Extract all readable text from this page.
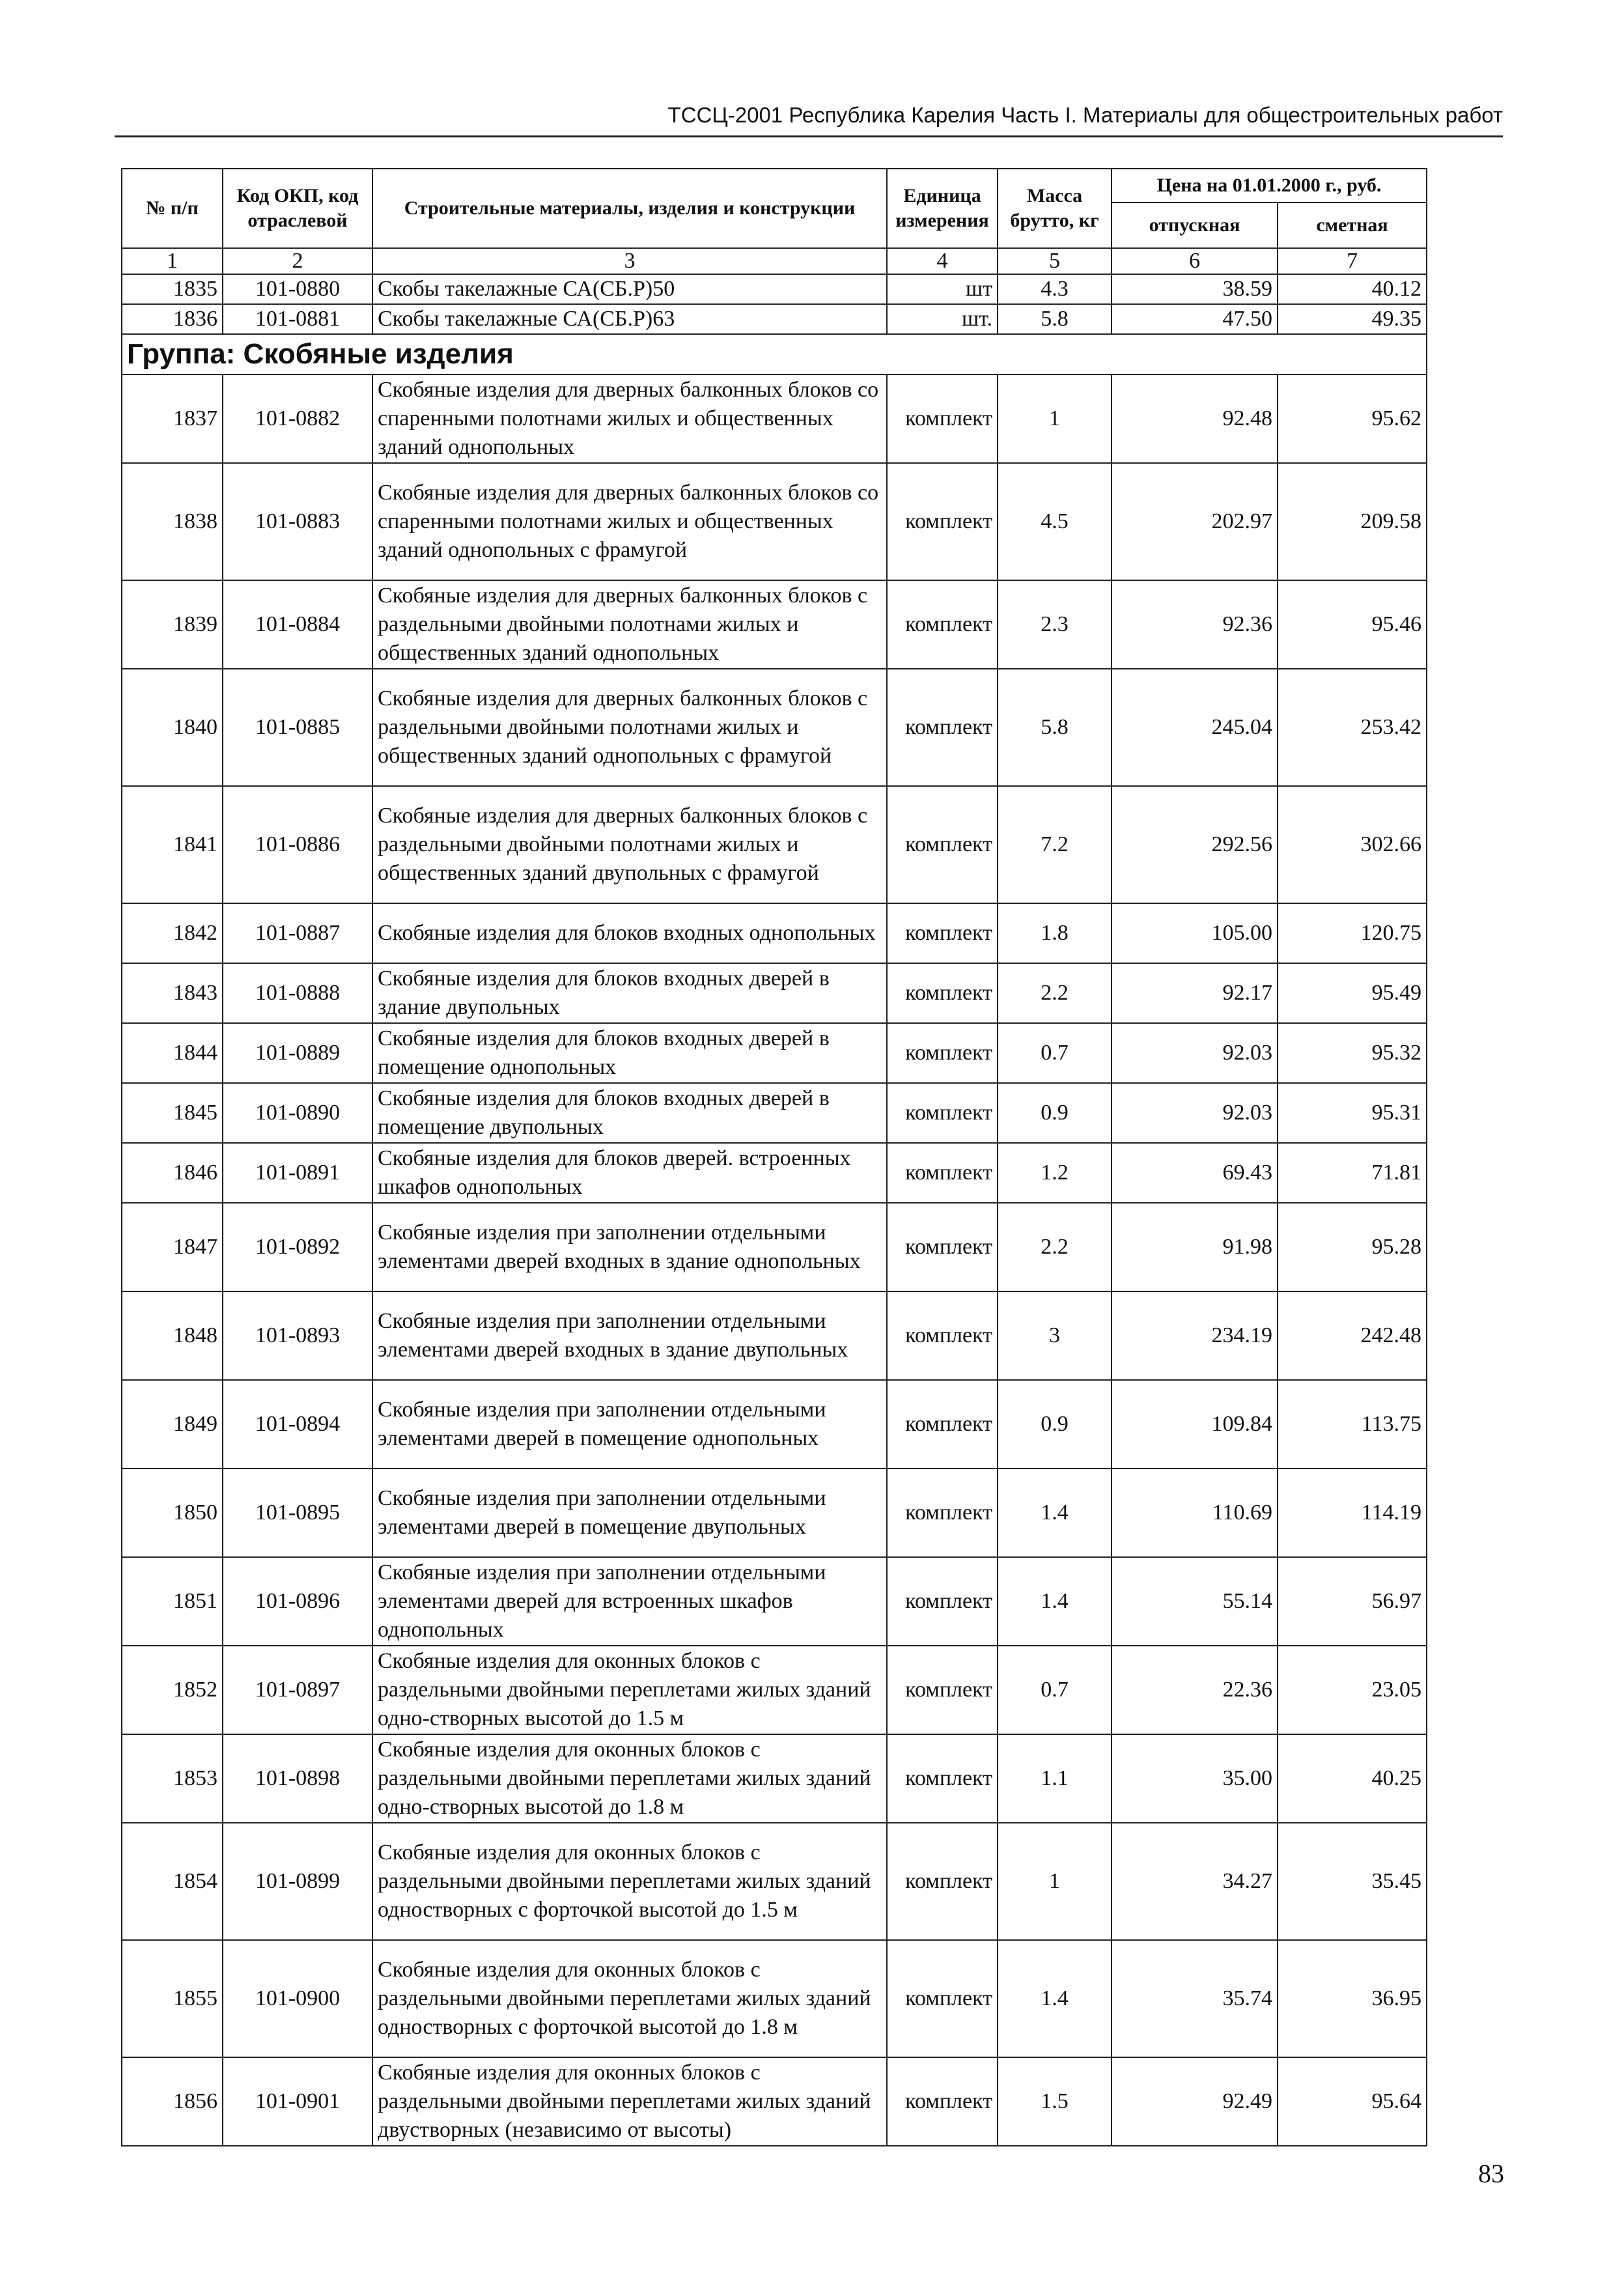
ТССЦ-2001 Республика Карелия Часть I. Материалы для общестроительных работ
№ п/п	Код ОКП, код отраслевой	Строительные материалы, изделия и конструкции	Единица измерения	Масса брутто, кг	Цена на 01.01.2000 г., руб.	
					отпускная	сметная
1	2	3	4	5	6	7
1835	101-0880	Скобы такелажные СА(СБ.Р)50	шт	4.3	38.59	40.12
1836	101-0881	Скобы такелажные СА(СБ.Р)63	шт.	5.8	47.50	49.35
Группа: Скобяные изделия						
1837	101-0882	Скобяные изделия для дверных балконных блоков со спаренными полотнами жилых и общественных зданий однопольных	комплект	1	92.48	95.62
1838	101-0883	Скобяные изделия для дверных балконных блоков со спаренными полотнами жилых и общественных зданий однопольных с фрамугой	комплект	4.5	202.97	209.58
1839	101-0884	Скобяные изделия для дверных балконных блоков с раздельными двойными полотнами жилых и общественных зданий однопольных	комплект	2.3	92.36	95.46
1840	101-0885	Скобяные изделия для дверных балконных блоков с раздельными двойными полотнами жилых и общественных зданий однопольных с фрамугой	комплект	5.8	245.04	253.42
1841	101-0886	Скобяные изделия для дверных балконных блоков с раздельными двойными полотнами жилых и общественных зданий двупольных с фрамугой	комплект	7.2	292.56	302.66
1842	101-0887	Скобяные изделия для блоков входных однопольных	комплект	1.8	105.00	120.75
1843	101-0888	Скобяные изделия для блоков входных дверей в здание двупольных	комплект	2.2	92.17	95.49
1844	101-0889	Скобяные изделия для блоков входных дверей в помещение однопольных	комплект	0.7	92.03	95.32
1845	101-0890	Скобяные изделия для блоков входных дверей в помещение двупольных	комплект	0.9	92.03	95.31
1846	101-0891	Скобяные изделия для блоков дверей. встроенных шкафов однопольных	комплект	1.2	69.43	71.81
1847	101-0892	Скобяные изделия при заполнении отдельными элементами дверей входных в здание однопольных	комплект	2.2	91.98	95.28
1848	101-0893	Скобяные изделия при заполнении отдельными элементами дверей входных в здание двупольных	комплект	3	234.19	242.48
1849	101-0894	Скобяные изделия при заполнении отдельными элементами дверей в помещение однопольных	комплект	0.9	109.84	113.75
1850	101-0895	Скобяные изделия при заполнении отдельными элементами дверей в помещение двупольных	комплект	1.4	110.69	114.19
1851	101-0896	Скобяные изделия при заполнении отдельными элементами дверей для встроенных шкафов однопольных	комплект	1.4	55.14	56.97
1852	101-0897	Скобяные изделия для оконных блоков с раздельными двойными переплетами жилых зданий одно-створных высотой до 1.5 м	комплект	0.7	22.36	23.05
1853	101-0898	Скобяные изделия для оконных блоков с раздельными двойными переплетами жилых зданий одно-створных высотой до 1.8 м	комплект	1.1	35.00	40.25
1854	101-0899	Скобяные изделия для оконных блоков с раздельными двойными переплетами жилых зданий одностворных с форточкой высотой до 1.5 м	комплект	1	34.27	35.45
1855	101-0900	Скобяные изделия для оконных блоков с раздельными двойными переплетами жилых зданий одностворных с форточкой высотой до 1.8 м	комплект	1.4	35.74	36.95
1856	101-0901	Скобяные изделия для оконных блоков с раздельными двойными переплетами жилых зданий двустворных (независимо от высоты)	комплект	1.5	92.49	95.64
83
